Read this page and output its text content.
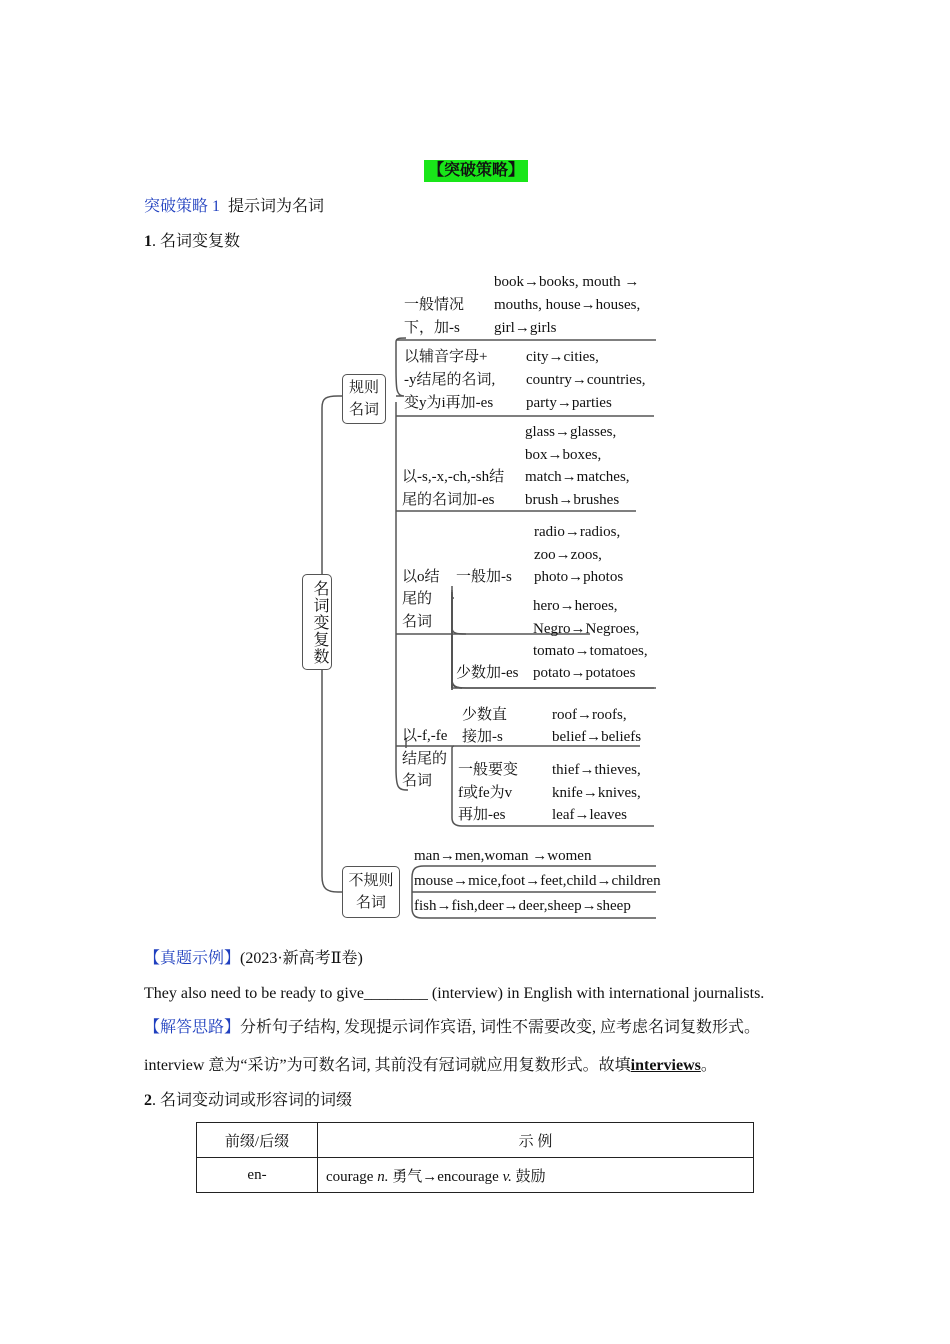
【突破策略】
突破策略 1 提示词为名词
1. 名词变复数
名词变复数
规则名词
不规则名词
一般情况
下，加-s
book→books, mouth →
mouths, house→houses,
girl→girls
以辅音字母+
-y结尾的名词,
变y为i再加-es
city→cities,
country→countries,
party→parties
以-s,-x,-ch,-sh结
尾的名词加-es
glass→glasses,
box→boxes,
match→matches,
brush→brushes
以o结
尾的
名词
一般加-s
radio→radios,
zoo→zoos,
photo→photos
少数加-es
hero→heroes,
Negro→Negroes,
tomato→tomatoes,
potato→potatoes
以-f,-fe
结尾的
名词
少数直
接加-s
roof→roofs,
belief→beliefs
一般要变
f或fe为v
再加-es
thief→thieves,
knife→knives,
leaf→leaves
man→men,woman →women
mouse→mice,foot→feet,child→children
fish→fish,deer→deer,sheep→sheep
【真题示例】(2023·新高考Ⅱ卷)
They also need to be ready to give________ (interview) in English with international journalists.
【解答思路】分析句子结构, 发现提示词作宾语, 词性不需要改变, 应考虑名词复数形式。
interview 意为“采访”为可数名词, 其前没有冠词就应用复数形式。故填interviews。
2. 名词变动词或形容词的词缀
前缀/后缀	示 例
en-	courage n. 勇气→encourage v. 鼓励
